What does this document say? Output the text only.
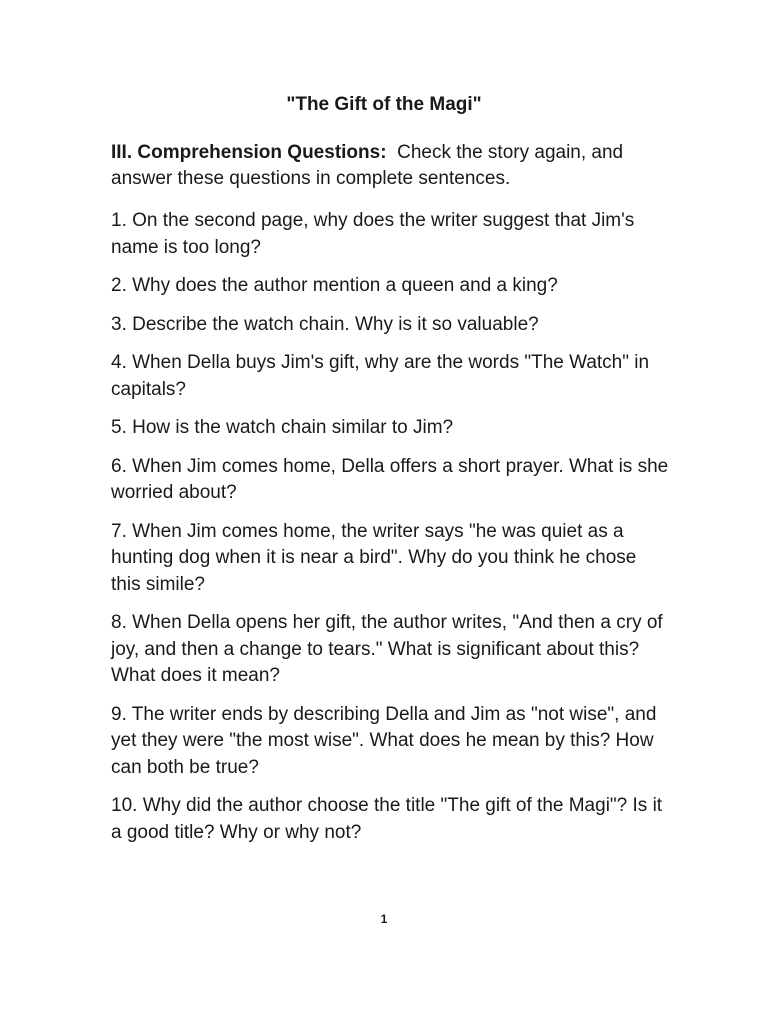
"The Gift of the Magi"
III. Comprehension Questions: Check the story again, and answer these questions in complete sentences.
1. On the second page, why does the writer suggest that Jim's name is too long?
2. Why does the author mention a queen and a king?
3. Describe the watch chain. Why is it so valuable?
4. When Della buys Jim's gift, why are the words "The Watch" in capitals?
5. How is the watch chain similar to Jim?
6. When Jim comes home, Della offers a short prayer. What is she worried about?
7. When Jim comes home, the writer says "he was quiet as a hunting dog when it is near a bird". Why do you think he chose this simile?
8. When Della opens her gift, the author writes, "And then a cry of joy, and then a change to tears." What is significant about this? What does it mean?
9. The writer ends by describing Della and Jim as "not wise", and yet they were "the most wise". What does he mean by this? How can both be true?
10. Why did the author choose the title "The gift of the Magi"? Is it a good title? Why or why not?
1
